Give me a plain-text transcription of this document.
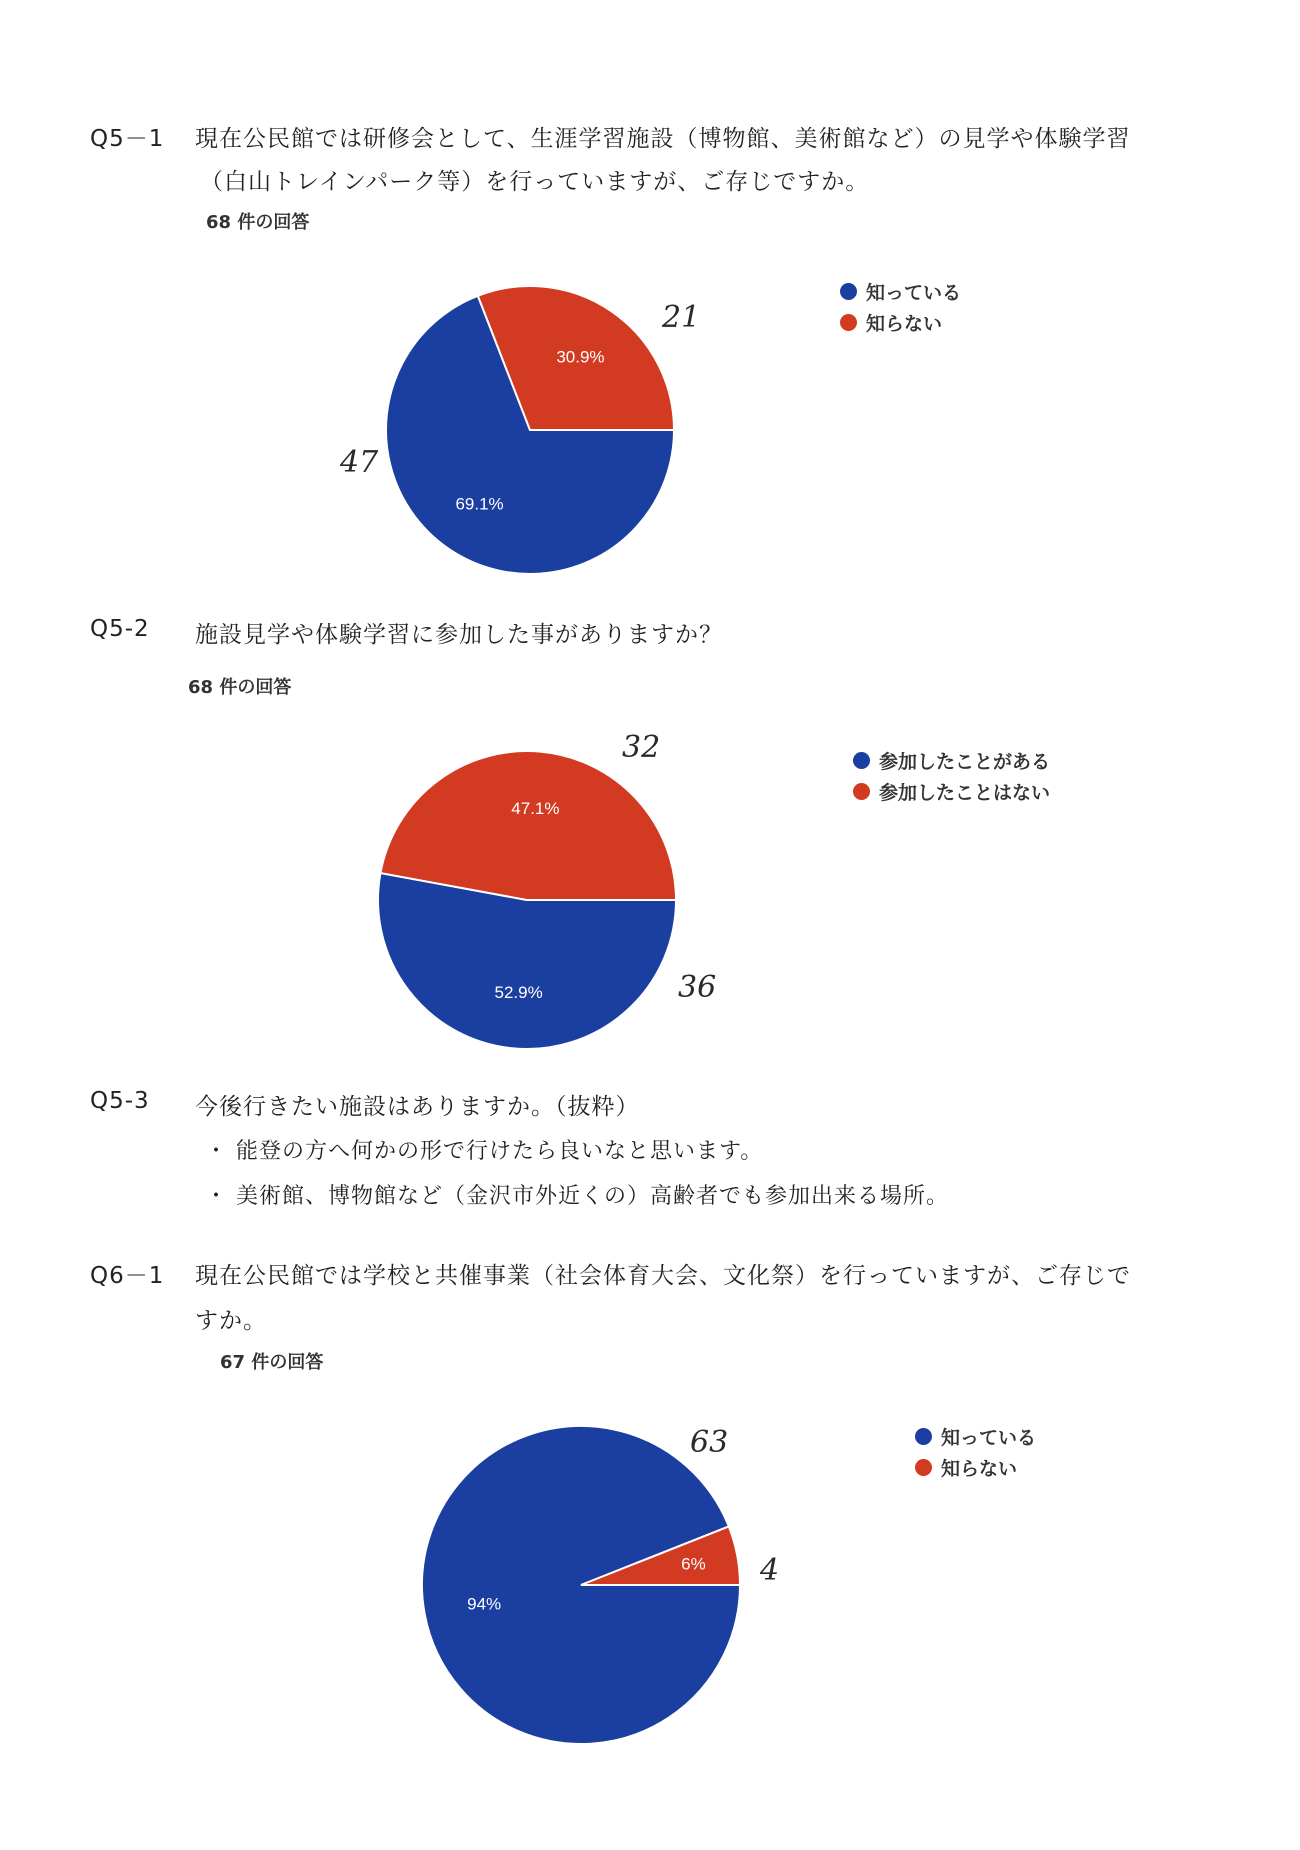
Q5－1 現在公民館では研修会として、生涯学習施設（博物館、美術館など）の見学や体験学習
（白山トレインパーク等）を行っていますが、ご存じですか。
68 件の回答
69.1%
30.9%
知っている
知らない
21
47
Q5-2 施設見学や体験学習に参加した事がありますか？
68 件の回答
52.9%
47.1%
参加したことがある
参加したことはない
32
36
Q5-3 今後行きたい施設はありますか。（抜粋）
・ 能登の方へ何かの形で行けたら良いなと思います。
・ 美術館、博物館など（金沢市外近くの）高齢者でも参加出来る場所。
Q6－1 現在公民館では学校と共催事業（社会体育大会、文化祭）を行っていますが、ご存じで
すか。
67 件の回答
94%
6%
知っている
知らない
63
4
